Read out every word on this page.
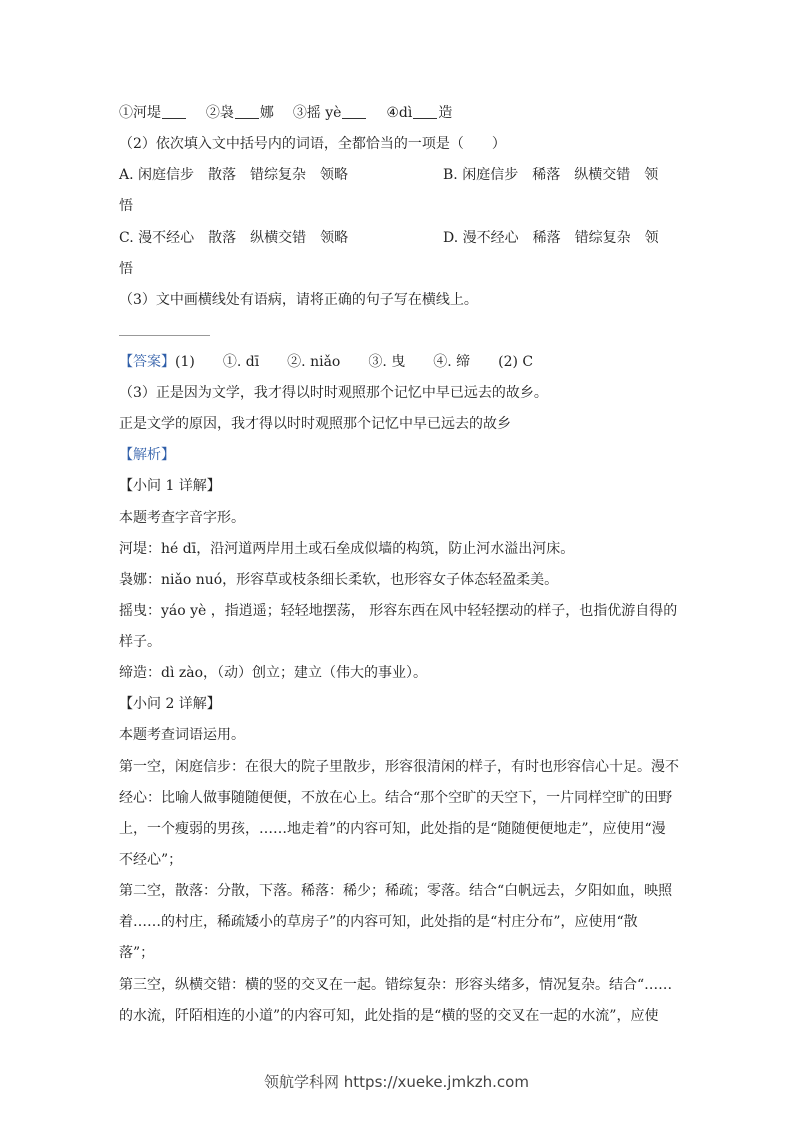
①河堤	②袅 娜 ③摇 yè	④dì 造
（2）依次填入文中括号内的词语，全都恰当的一项是（　　）
A. 闲庭信步　散落　错综复杂　领略	B. 闲庭信步　稀落　纵横交错　领
悟
C. 漫不经心　散落　纵横交错　领略	D. 漫不经心　稀落　错综复杂　领
悟
（3）文中画横线处有语病，请将正确的句子写在横线上。
【答案】(1)　　①. dī　　②. niǎo　　③. 曳　　④. 缔　　(2) C
（3）正是因为文学，我才得以时时观照那个记忆中早已远去的故乡。
正是文学的原因，我才得以时时观照那个记忆中早已远去的故乡
【解析】
【小问 1 详解】
本题考查字音字形。
河堤：hé dī，沿河道两岸用土或石垒成似墙的构筑，防止河水溢出河床。
袅娜：niǎo nuó，形容草或枝条细长柔软，也形容女子体态轻盈柔美。
摇曳：yáo yè ，指逍遥；轻轻地摆荡， 形容东西在风中轻轻摆动的样子，也指优游自得的
样子。
缔造：dì zào，（动）创立；建立（伟大的事业）。
【小问 2 详解】
本题考查词语运用。
第一空，闲庭信步：在很大的院子里散步，形容很清闲的样子，有时也形容信心十足。漫不
经心：比喻人做事随随便便，不放在心上。结合“那个空旷的天空下，一片同样空旷的田野
上，一个瘦弱的男孩，……地走着”的内容可知，此处指的是“随随便便地走”，应使用“漫
不经心”；
第二空，散落：分散，下落。稀落：稀少；稀疏；零落。结合“白帆远去，夕阳如血，映照
着……的村庄，稀疏矮小的草房子”的内容可知，此处指的是“村庄分布”，应使用“散
落”；
第三空，纵横交错：横的竖的交叉在一起。错综复杂：形容头绪多，情况复杂。结合“……
的水流，阡陌相连的小道”的内容可知，此处指的是“横的竖的交叉在一起的水流”，应使
领航学科网 https://xueke.jmkzh.com
